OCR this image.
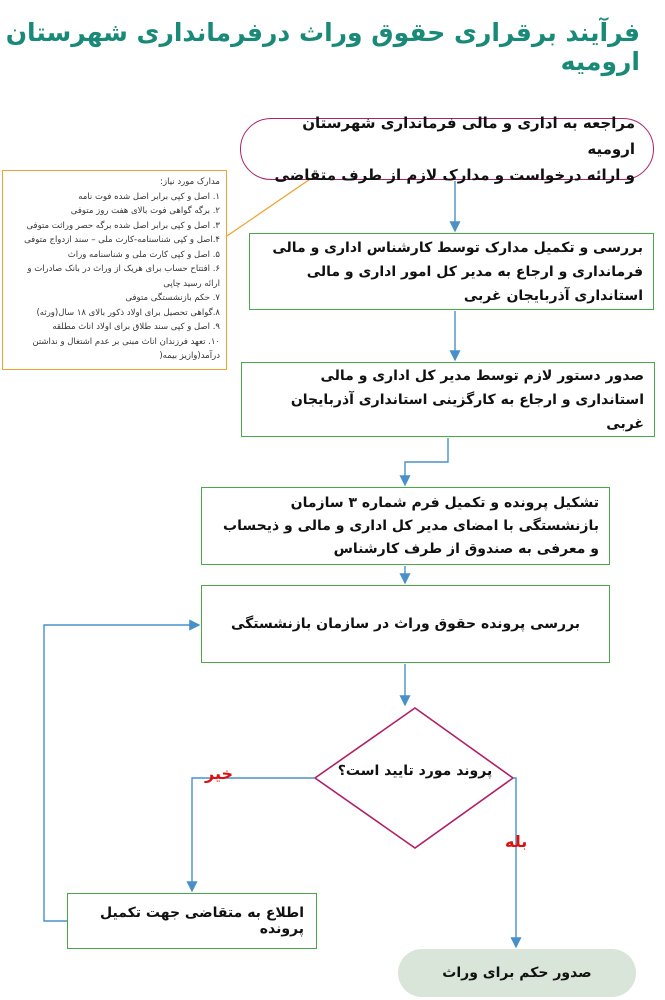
فرآیند برقراری حقوق وراث درفرمانداری شهرستان ارومیه
مراجعه به اداری و مالی فرمانداری شهرستان ارومیه
و ارائه درخواست و مدارک لازم از طرف متقاضی
مدارک مورد نیاز:
۱. اصل و کپی برابر اصل شده فوت نامه
۲. برگه گواهی فوت بالای هفت روز متوفی
۳. اصل و کپی برابر اصل شده برگه حصر وراثت متوفی
۴.اصل و کپی شناسنامه-کارت ملی – سند ازدواج متوفی
۵. اصل و کپی کارت ملی و شناسنامه وراث
۶. افتتاح حساب برای هریک از وراث در بانک صادرات و ارائه رسید چاپی
۷. حکم بازنشستگی متوفی
۸.گواهی تحصیل برای اولاد ذکور بالای ۱۸ سال(ورثه)
۹. اصل و کپی سند طلاق برای اولاد اناث مطلقه
۱۰. تعهد فرزندان اناث مبنی بر عدم اشتغال و نداشتن درآمد(وازیز بیمه(
بررسی و تکمیل مدارک توسط کارشناس اداری و مالی فرمانداری و ارجاع به مدیر کل امور اداری و مالی استانداری آذربایجان غربی
صدور دستور لازم توسط مدیر کل اداری و مالی استانداری و ارجاع به کارگزینی استانداری آذربایجان غربی
تشکیل پرونده و تکمیل فرم شماره ۳ سازمان بازنشستگی با امضای مدیر کل اداری و مالی و ذیحساب و معرفی به صندوق از طرف کارشناس
بررسی پرونده حقوق وراث در سازمان بازنشستگی
پروند مورد تایید است؟
خیر
بله
اطلاع به متقاضی جهت تکمیل پرونده
صدور حکم برای وراث
